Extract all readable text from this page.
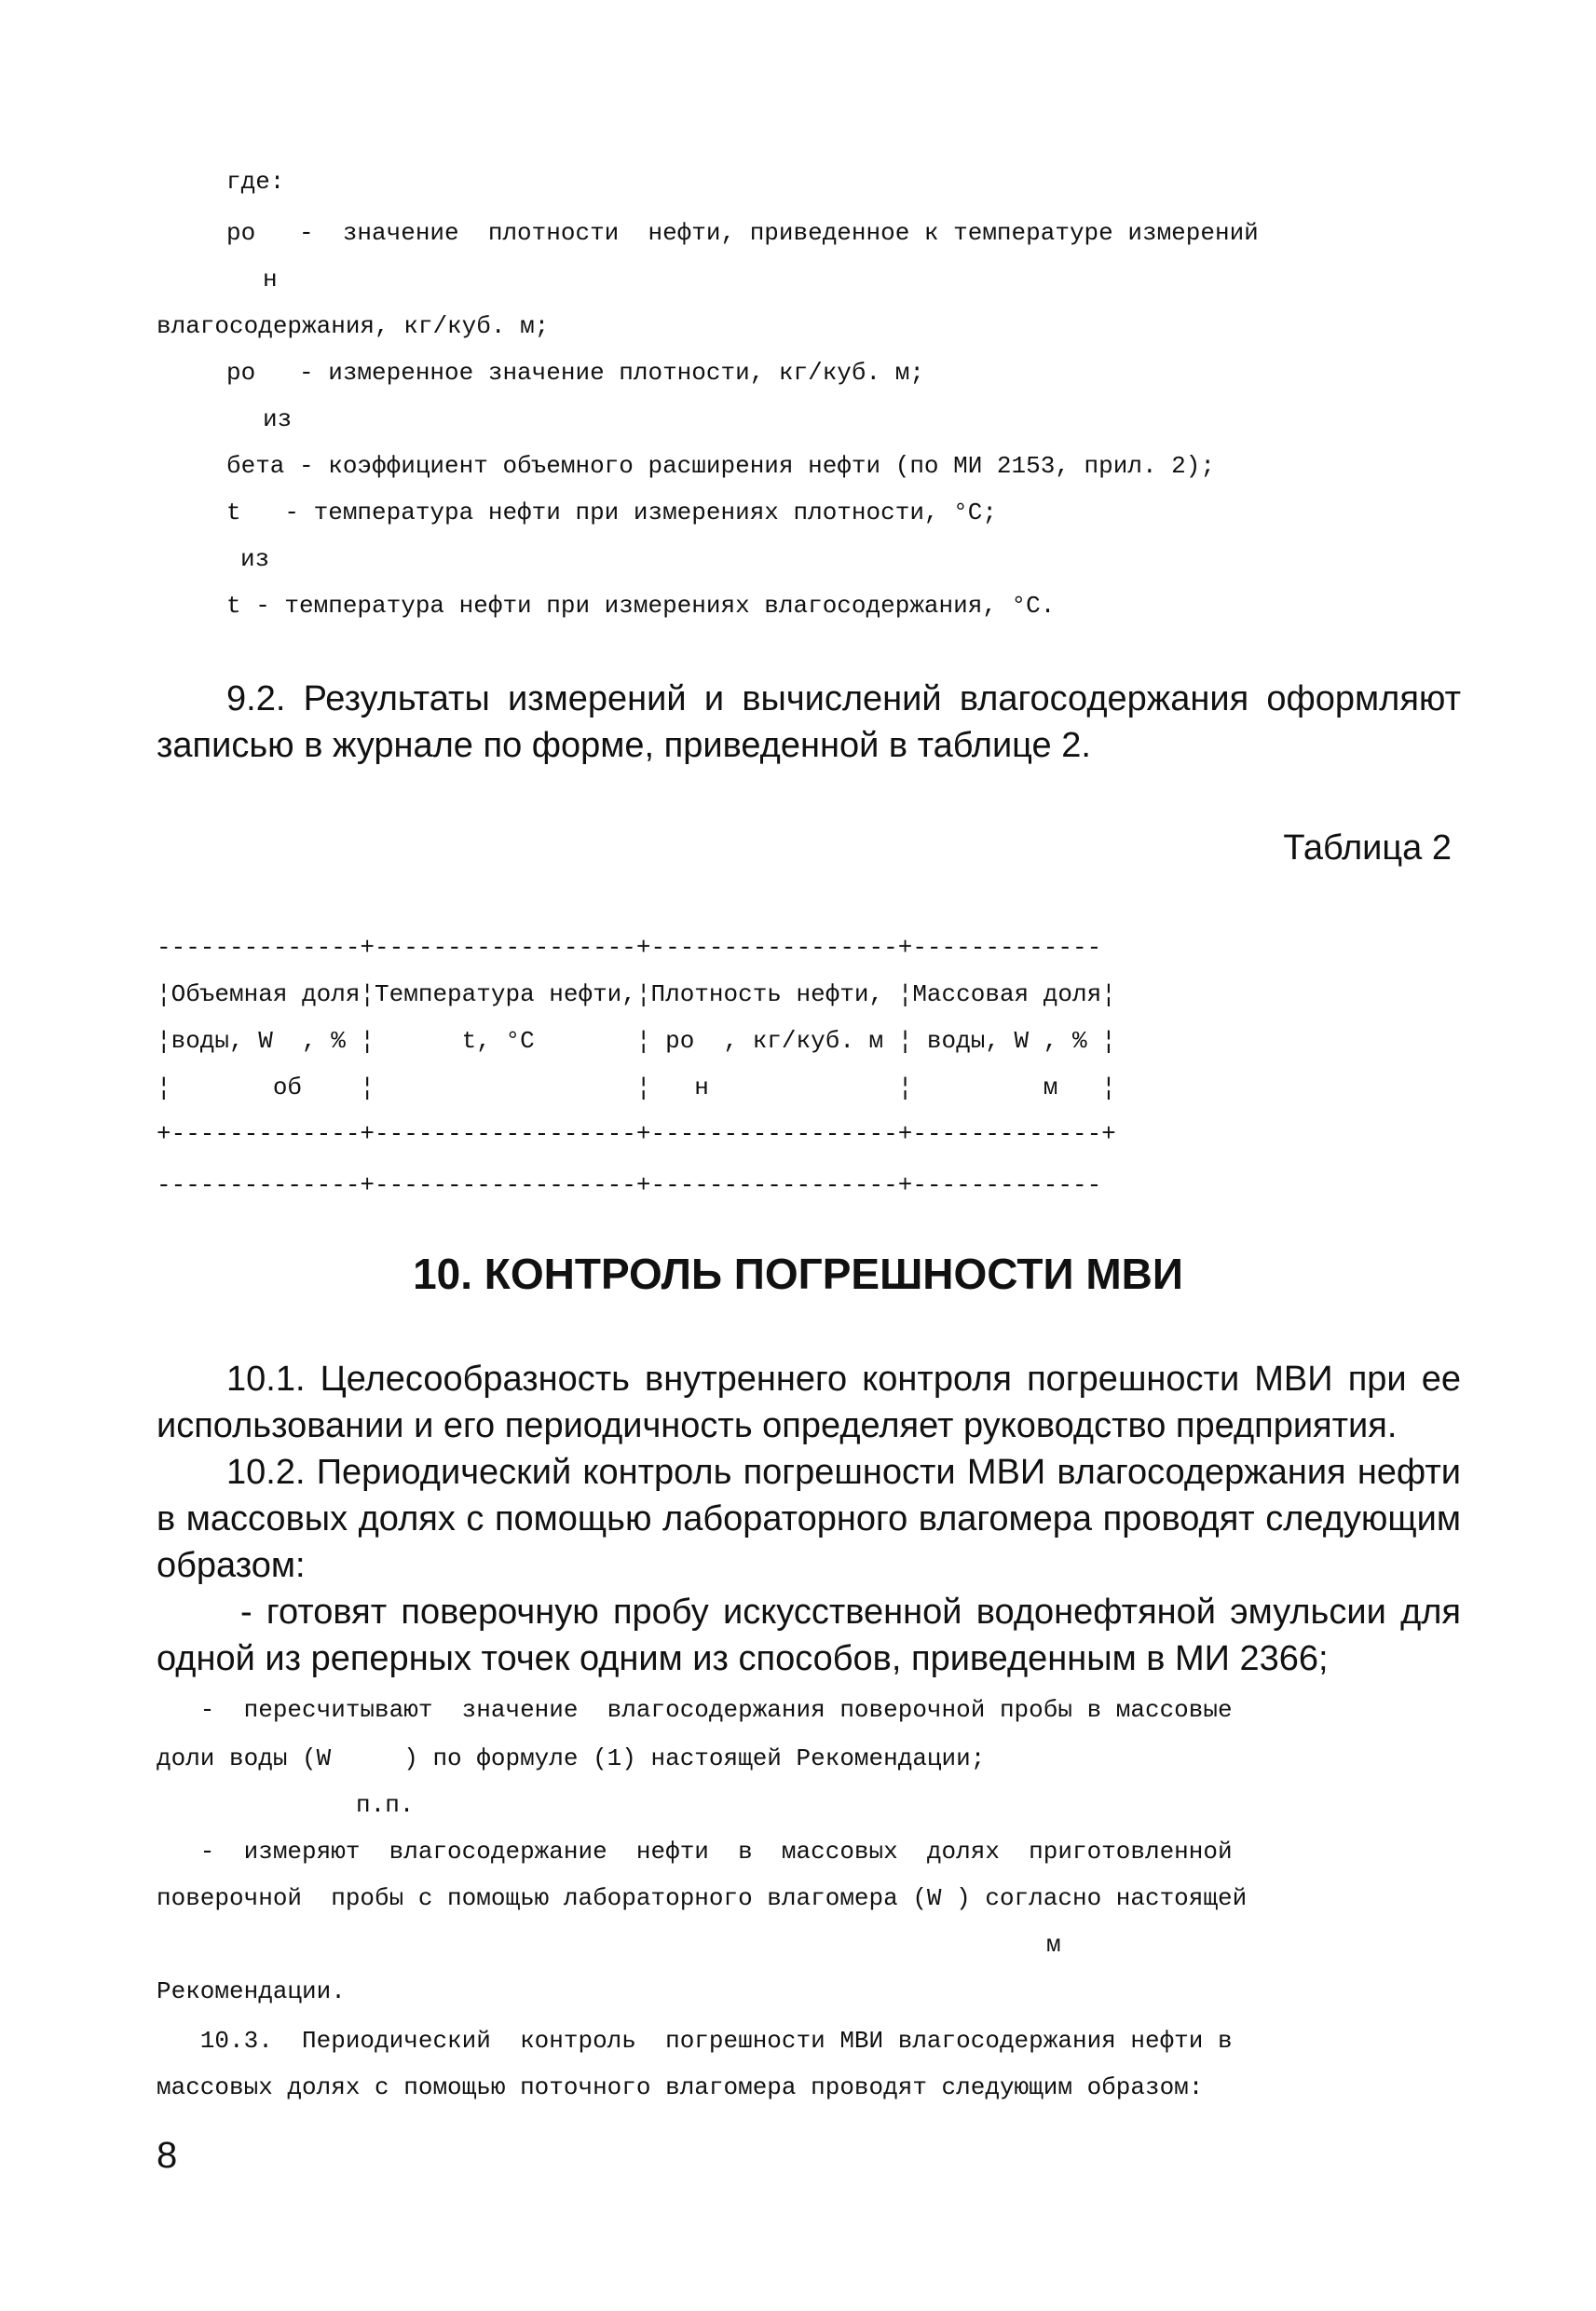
где:
ро   -  значение  плотности  нефти, приведенное к температуре измерений
н
влагосодержания, кг/куб. м;
ро   - измеренное значение плотности, кг/куб. м;
из
бета - коэффициент объемного расширения нефти (по МИ 2153, прил. 2);
t   - температура нефти при измерениях плотности, °С;
из
t - температура нефти при измерениях влагосодержания, °С.
9.2. Результаты измерений и вычислений влагосодержания оформляют
записью в журнале по форме, приведенной в таблице 2.
Таблица 2
--------------+------------------+-----------------+-------------
¦Объемная доля¦Температура нефти,¦Плотность нефти, ¦Массовая доля¦
¦воды, W  , % ¦      t, °С       ¦ ро  , кг/куб. м ¦ воды, W , % ¦
¦       об    ¦                  ¦   н             ¦         м   ¦
+-------------+------------------+-----------------+-------------+
--------------+------------------+-----------------+-------------
10. КОНТРОЛЬ ПОГРЕШНОСТИ МВИ
10.1. Целесообразность внутреннего контроля погрешности МВИ при ее
использовании и его периодичность определяет руководство предприятия.
10.2. Периодический контроль погрешности МВИ влагосодержания нефти
в массовых долях с помощью лабораторного влагомера проводят следующим
образом:
- готовят поверочную пробу искусственной водонефтяной эмульсии для
одной из реперных точек одним из способов, приведенным в МИ 2366;
-  пересчитывают  значение  влагосодержания поверочной пробы в массовые
доли воды (W     ) по формуле (1) настоящей Рекомендации;
п.п.
-  измеряют  влагосодержание  нефти  в  массовых  долях  приготовленной
поверочной  пробы с помощью лабораторного влагомера (W ) согласно настоящей
м
Рекомендации.
10.3.  Периодический  контроль  погрешности МВИ влагосодержания нефти в
массовых долях с помощью поточного влагомера проводят следующим образом:
8
